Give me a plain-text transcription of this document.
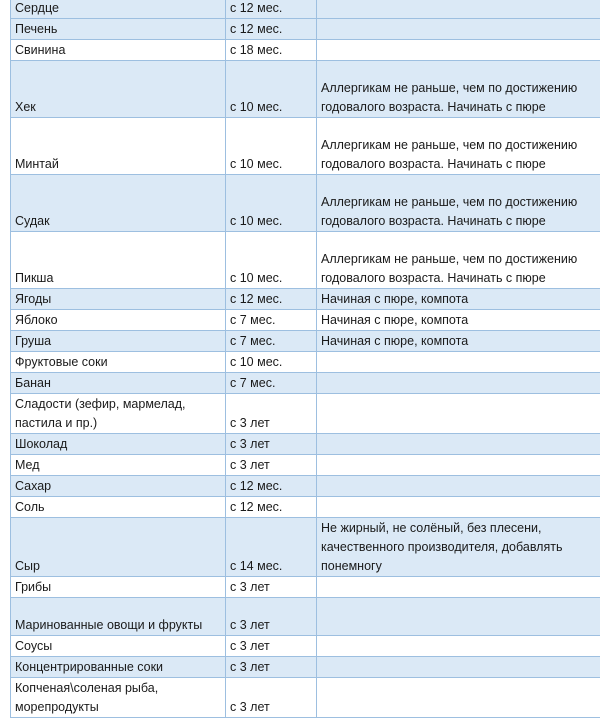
Сердце	с 12 мес.	
Печень	с 12 мес.	
Свинина	с 18 мес.	
Хек	с 10 мес.	Аллергикам не раньше, чем по достижению
годовалого возраста. Начинать с пюре
Минтай	с 10 мес.	Аллергикам не раньше, чем по достижению
годовалого возраста. Начинать с пюре
Судак	с 10 мес.	Аллергикам не раньше, чем по достижению
годовалого возраста. Начинать с пюре
Пикша	с 10 мес.	Аллергикам не раньше, чем по достижению
годовалого возраста. Начинать с пюре
Ягоды	с 12 мес.	Начиная с пюре, компота
Яблоко	с 7 мес.	Начиная с пюре, компота
Груша	с 7 мес.	Начиная с пюре, компота
Фруктовые соки	с 10 мес.	
Банан	с 7 мес.	
Сладости (зефир, мармелад,
пастила и пр.)	с 3 лет	
Шоколад	с 3 лет	
Мед	с 3 лет	
Сахар	с 12 мес.	
Соль	с 12 мес.	
Сыр	с 14 мес.	Не жирный, не солёный, без плесени,
качественного производителя, добавлять
понемногу
Грибы	с 3 лет	
Маринованные овощи и фрукты	с 3 лет	
Соусы	с 3 лет	
Концентрированные соки	с 3 лет	
Копченая\соленая рыба,
морепродукты	с 3 лет	
